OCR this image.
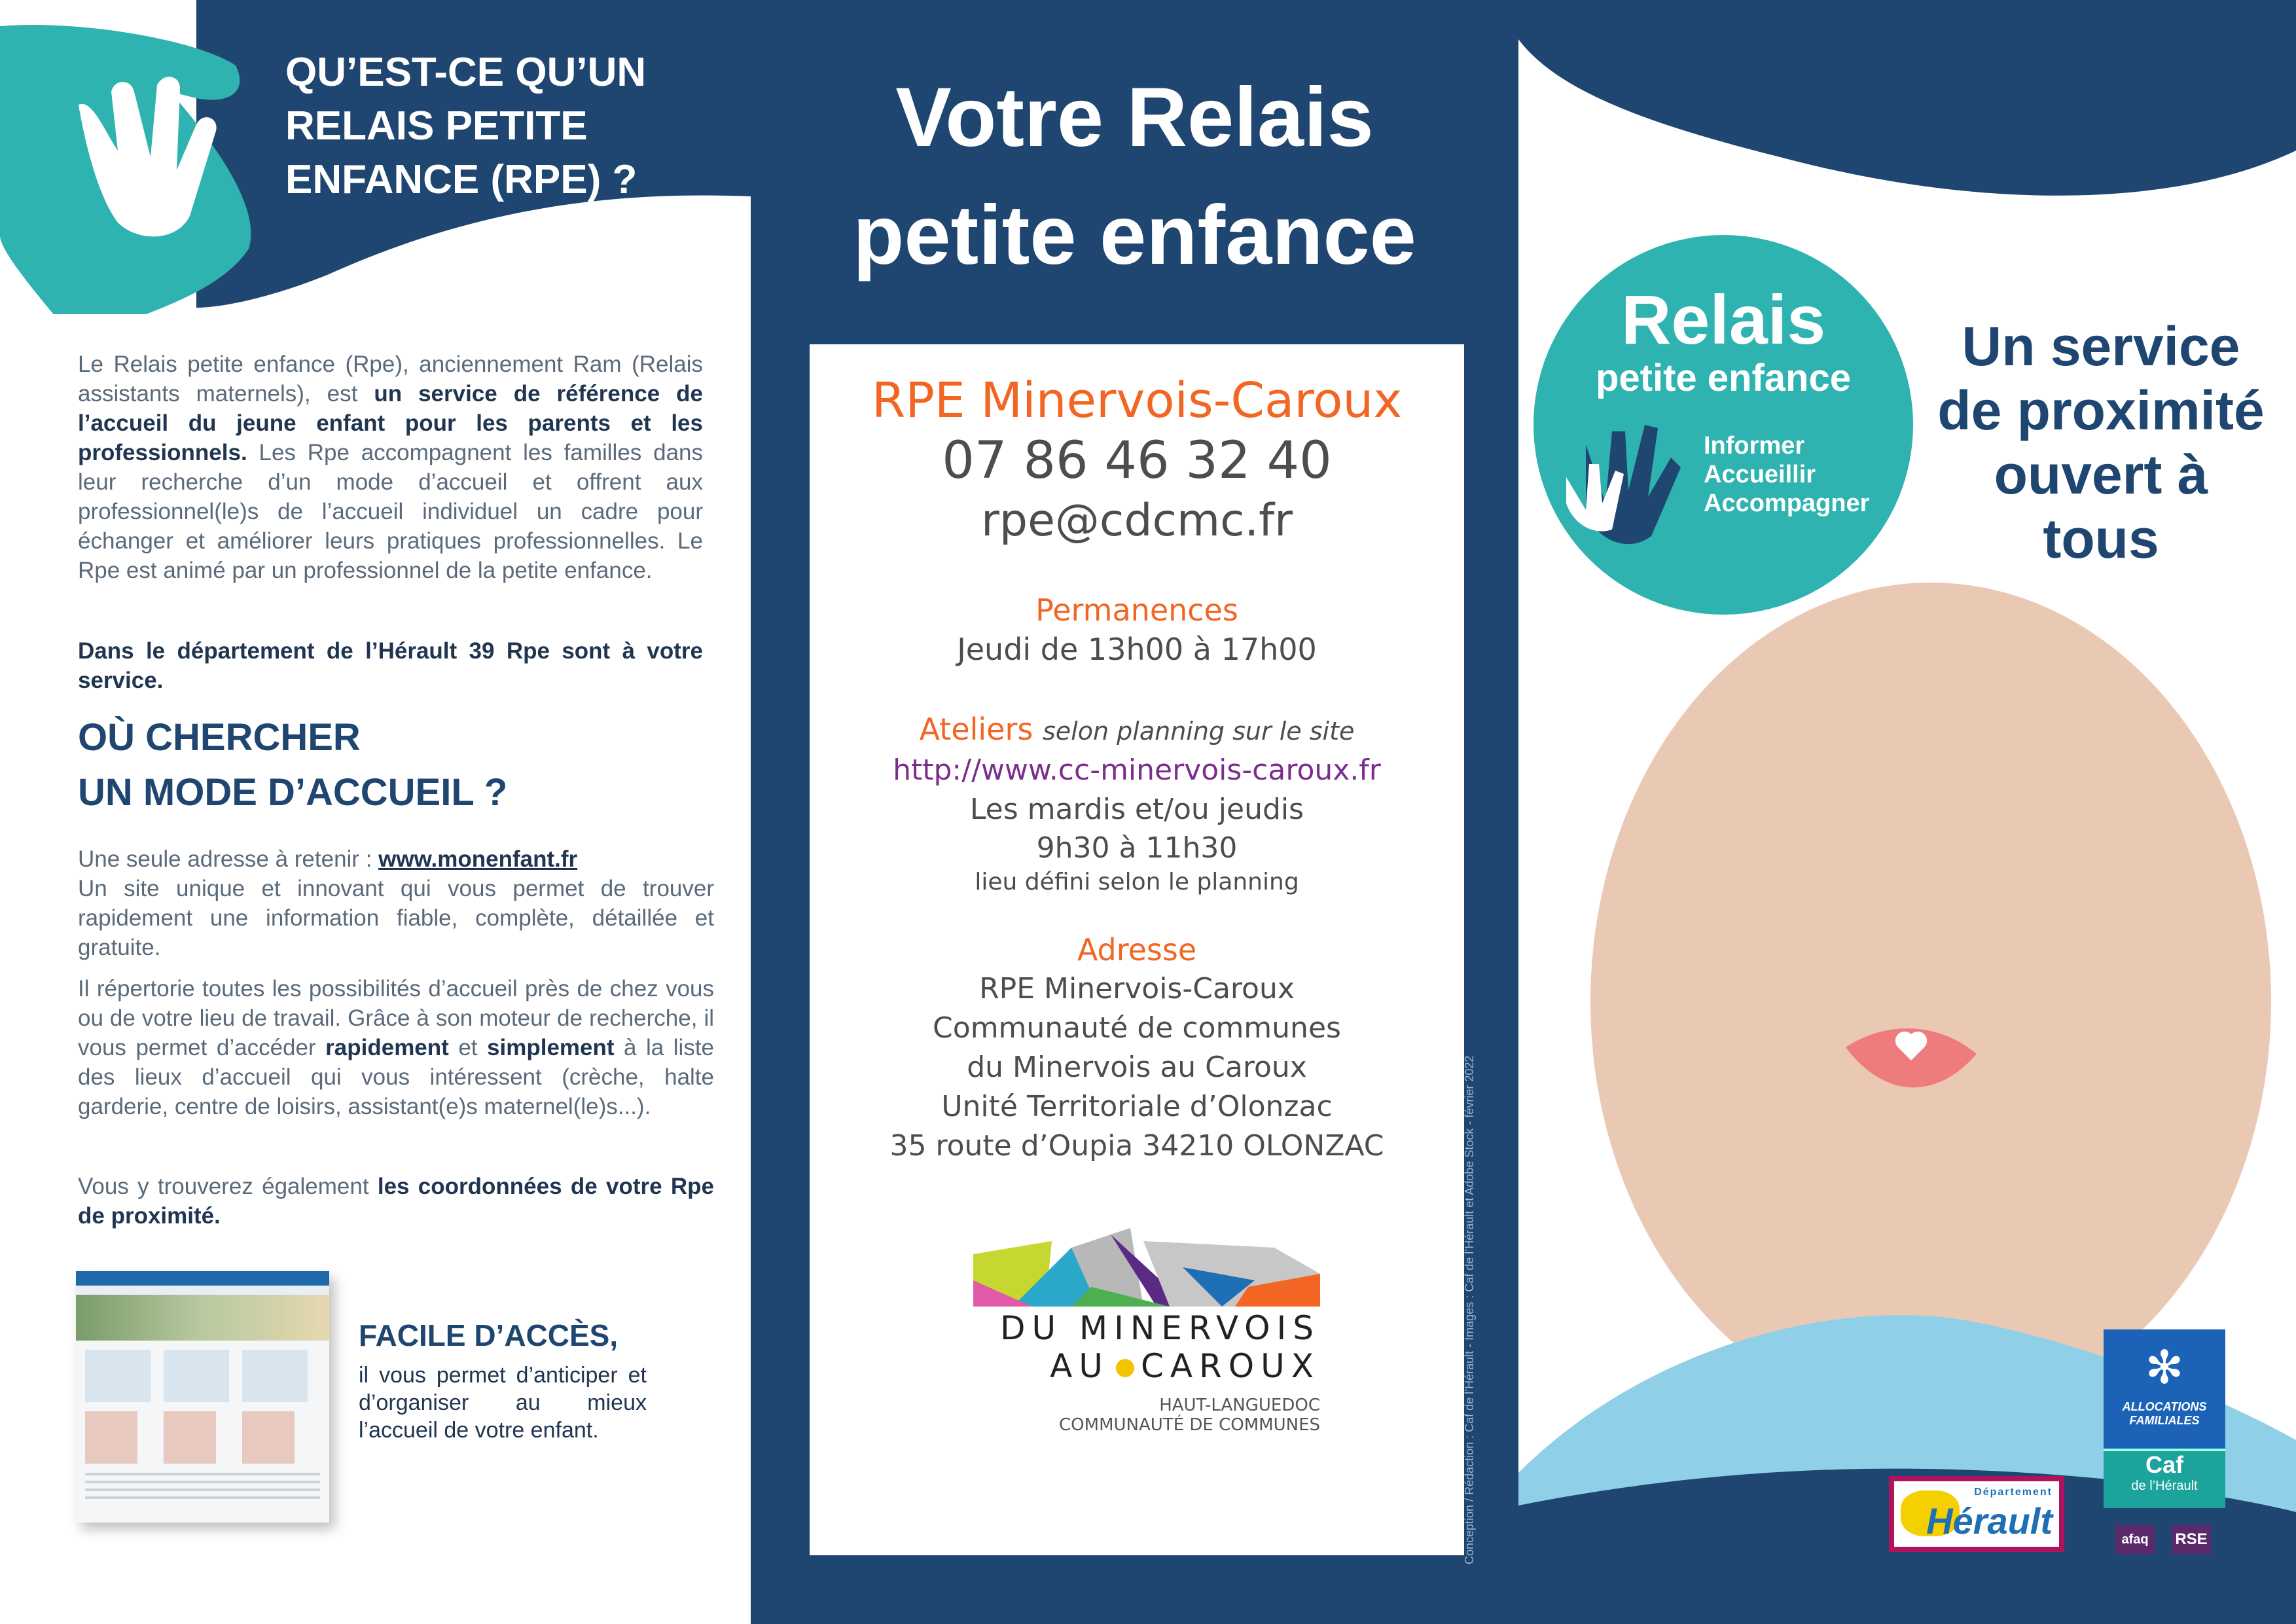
QU’EST-CE QU’UN
RELAIS PETITE
ENFANCE (RPE) ?
Le Relais petite enfance (Rpe), anciennement Ram (Relais assistants maternels), est un service de référence de l’accueil du jeune enfant pour les parents et les professionnels. Les Rpe accompagnent les familles dans leur recherche d’un mode d’accueil et offrent aux professionnel(le)s de l’accueil individuel un cadre pour échanger et améliorer leurs pratiques professionnelles. Le Rpe est animé par un professionnel de la petite enfance.
Dans le département de l’Hérault 39 Rpe sont à votre service.
OÙ CHERCHER
UN MODE D’ACCUEIL ?
Une seule adresse à retenir : www.monenfant.fr
Un site unique et innovant qui vous permet de trouver rapidement une information fiable, complète, détaillée et gratuite.
Il répertorie toutes les possibilités d’accueil près de chez vous ou de votre lieu de travail. Grâce à son moteur de recherche, il vous permet d’accéder rapidement et simplement à la liste des lieux d’accueil qui vous intéressent (crèche, halte garderie, centre de loisirs, assistant(e)s maternel(le)s...).
Vous y trouverez également les coordonnées de votre Rpe de proximité.
FACILE D’ACCÈS,
il vous permet d’anticiper et d’organiser au mieux l’accueil de votre enfant.
Votre Relais
petite enfance
RPE Minervois-Caroux
07 86 46 32 40
rpe@cdcmc.fr
Permanences
Jeudi de 13h00 à 17h00
Ateliers selon planning sur le site
http://www.cc-minervois-caroux.fr
Les mardis et/ou jeudis
9h30 à 11h30
lieu défini selon le planning
Adresse
RPE Minervois-Caroux
Communauté de communes
du Minervois au Caroux
Unité Territoriale d’Olonzac
35 route d’Oupia 34210 OLONZAC
DU MINERVOIS
AU CAROUX
HAUT-LANGUEDOC
COMMUNAUTÉ DE COMMUNES	Conception / Rédaction : Caf de l’Hérault - Images : Caf de l’Hérault et Adobe Stock - février 2022
Relais
petite enfance
Informer
Accueillir
Accompagner
Un service
de proximité
ouvert à tous
Département
Hérault
✻
ALLOCATIONS
FAMILIALES
Caf
de l’Hérault
afaq	RSE
